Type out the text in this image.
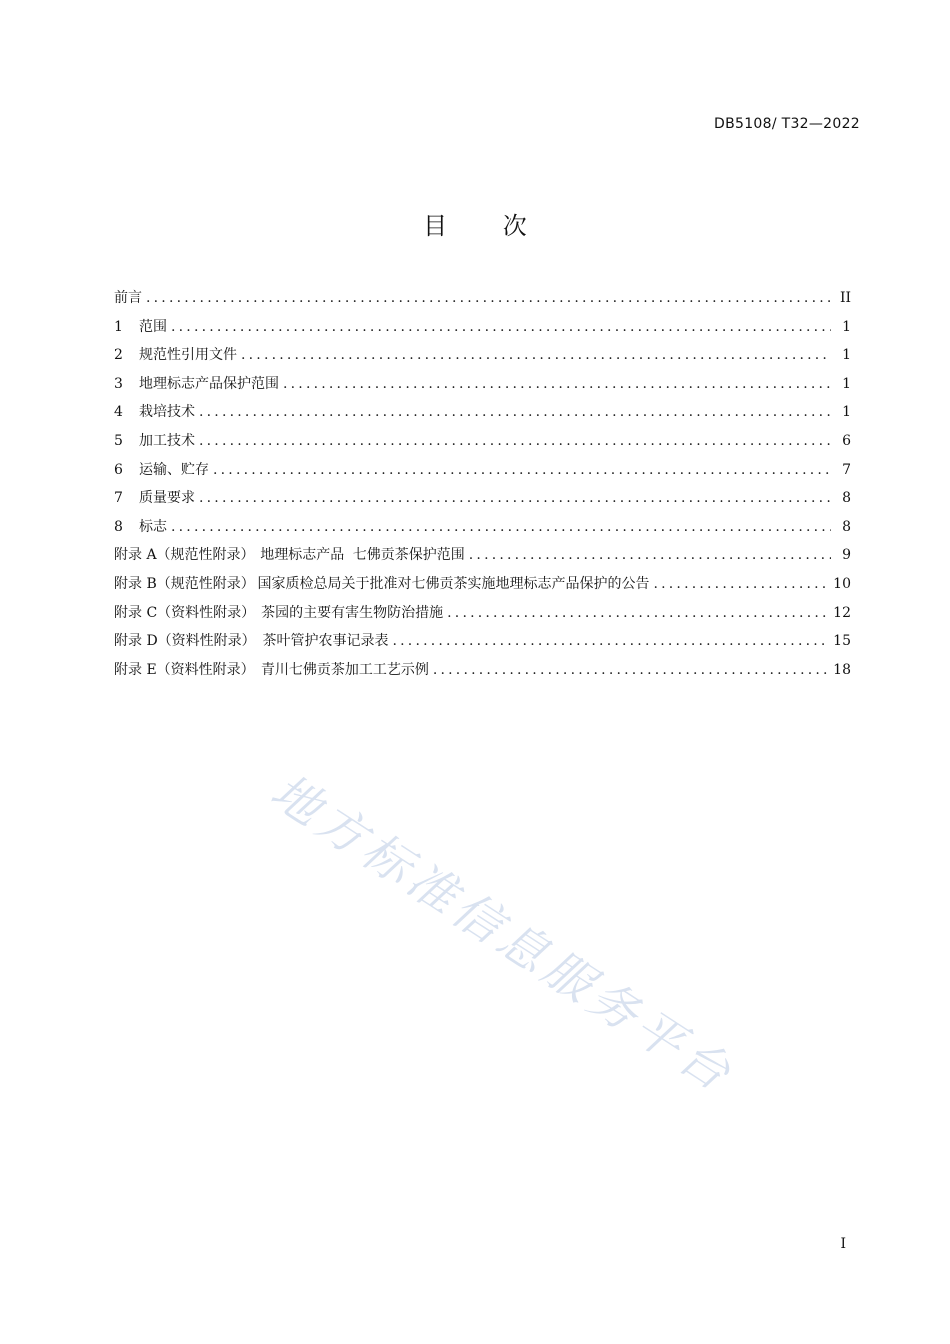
DB5108/ T32—2022
目 次
前言 .....	II
1	范围 .....	1
2	规范性引用文件 .....	1
3	地理标志产品保护范围 .....	1
4	栽培技术 .....	1
5	加工技术 .....	6
6	运输、贮存 .....	7
7	质量要求 .....	8
8	标志 .....	8
附录 A（规范性附录） 地理标志产品 七佛贡茶保护范围 .....	9
附录 B（规范性附录） 国家质检总局关于批准对七佛贡茶实施地理标志产品保护的公告 .....	10
附录 C（资料性附录） 茶园的主要有害生物防治措施 .....	12
附录 D（资料性附录） 茶叶管护农事记录表 .....	15
附录 E（资料性附录） 青川七佛贡茶加工工艺示例 .....	18
地方标准信息服务平台
I
